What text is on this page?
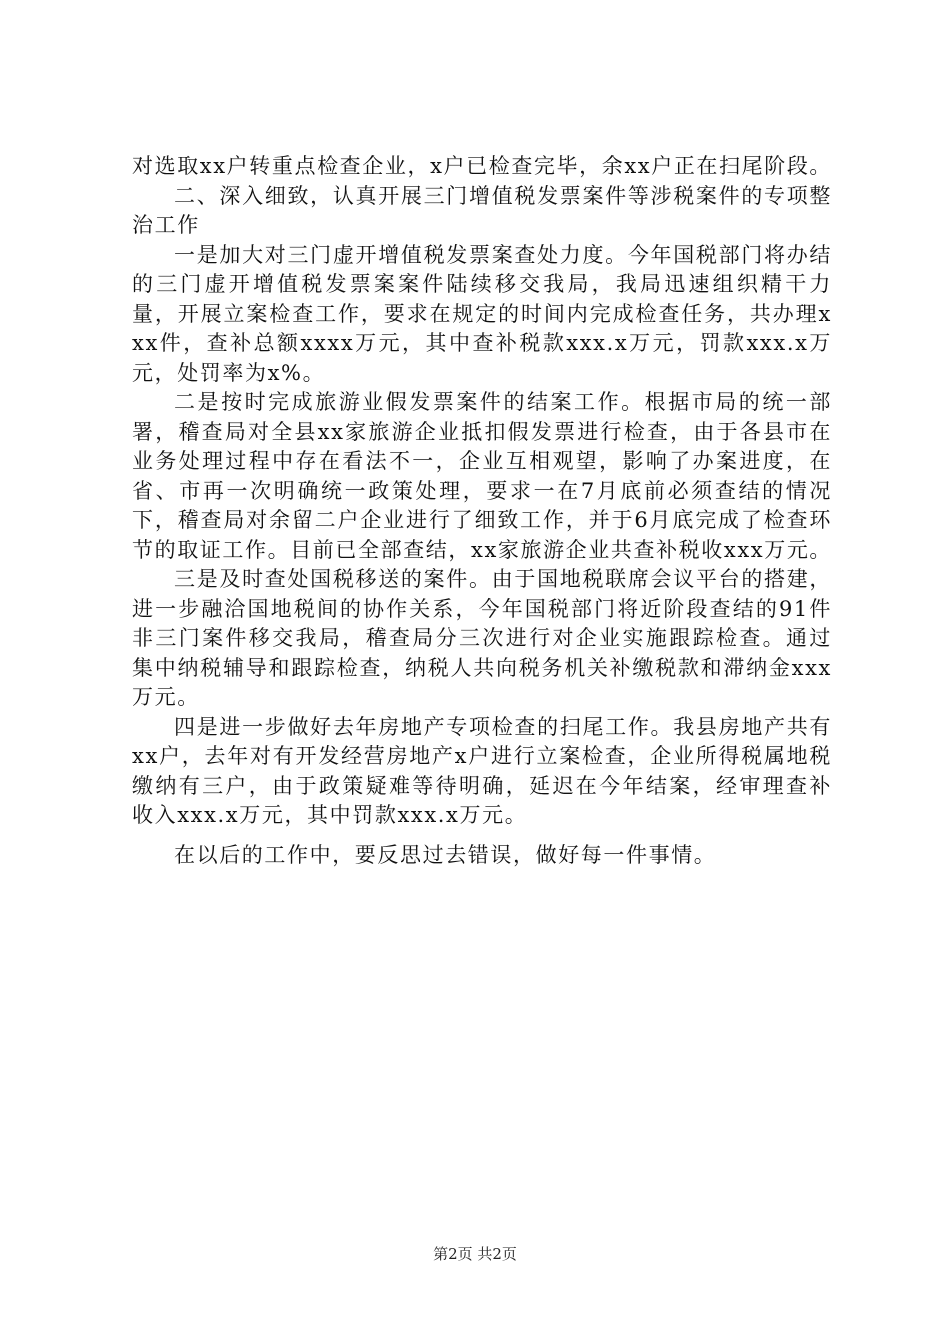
对选取xx户转重点检查企业，x户已检查完毕，余xx户正在扫尾阶段。

二、深入细致，认真开展三门增值税发票案件等涉税案件的专项整治工作

一是加大对三门虚开增值税发票案查处力度。今年国税部门将办结的三门虚开增值税发票案案件陆续移交我局，我局迅速组织精干力量，开展立案检查工作，要求在规定的时间内完成检查任务，共办理xxx件，查补总额xxxx万元，其中查补税款xxx.x万元，罚款xxx.x万元，处罚率为x%。

二是按时完成旅游业假发票案件的结案工作。根据市局的统一部署，稽查局对全县xx家旅游企业抵扣假发票进行检查，由于各县市在业务处理过程中存在看法不一，企业互相观望，影响了办案进度，在省、市再一次明确统一政策处理，要求一在7月底前必须查结的情况下，稽查局对余留二户企业进行了细致工作，并于6月底完成了检查环节的取证工作。目前已全部查结，xx家旅游企业共查补税收xxx万元。

三是及时查处国税移送的案件。由于国地税联席会议平台的搭建，进一步融洽国地税间的协作关系，今年国税部门将近阶段查结的91件非三门案件移交我局，稽查局分三次进行对企业实施跟踪检查。通过集中纳税辅导和跟踪检查，纳税人共向税务机关补缴税款和滞纳金xxx万元。

四是进一步做好去年房地产专项检查的扫尾工作。我县房地产共有xx户，去年对有开发经营房地产x户进行立案检查，企业所得税属地税缴纳有三户，由于政策疑难等待明确，延迟在今年结案，经审理查补收入xxx.x万元，其中罚款xxx.x万元。

在以后的工作中，要反思过去错误，做好每一件事情。

第2页 共2页
